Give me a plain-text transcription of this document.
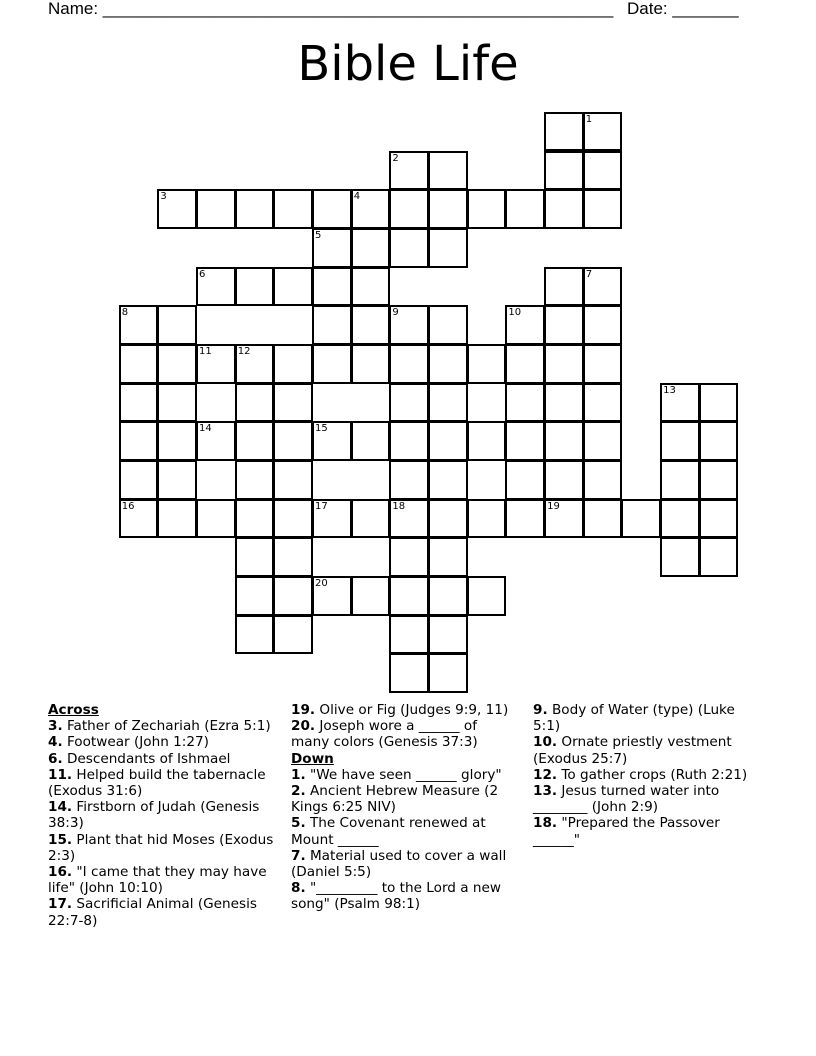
Name: ______________________________________________________ Date: _______
Bible Life
1
2
3	4
5
6	7
8	9	10
11	12
13
14	15
16	17	18	19
20
Across
3. Father of Zechariah (Ezra 5:1)
4. Footwear (John 1:27)
6. Descendants of Ishmael
11. Helped build the tabernacle (Exodus 31:6)
14. Firstborn of Judah (Genesis 38:3)
15. Plant that hid Moses (Exodus 2:3)
16. "I came that they may have life" (John 10:10)
17. Sacrificial Animal (Genesis 22:7-8)
19. Olive or Fig (Judges 9:9, 11)
20. Joseph wore a ______ of many colors (Genesis 37:3)
Down
1. "We have seen ______ glory"
2. Ancient Hebrew Measure (2 Kings 6:25 NIV)
5. The Covenant renewed at Mount ______
7. Material used to cover a wall (Daniel 5:5)
8. "_________ to the Lord a new song" (Psalm 98:1)
9. Body of Water (type) (Luke 5:1)
10. Ornate priestly vestment (Exodus 25:7)
12. To gather crops (Ruth 2:21)
13. Jesus turned water into ________ (John 2:9)
18. "Prepared the Passover ______"
